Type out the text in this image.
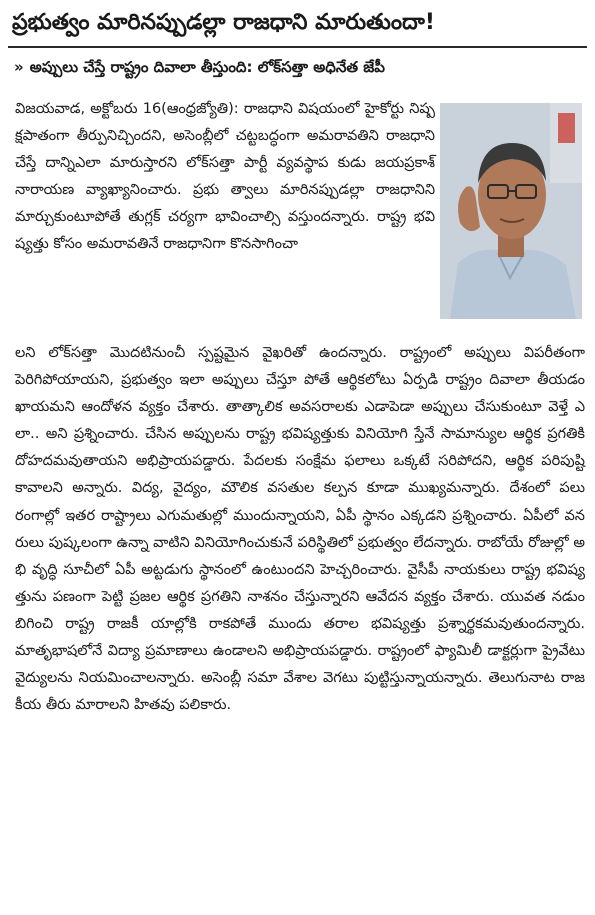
ప్రభుత్వం మారినప్పుడల్లా రాజధాని మారుతుందా!
» అప్పులు చేస్తే రాష్ట్రం దివాలా తీస్తుంది: లోక్‌సత్తా అధినేత జేపీ
విజయవాడ, అక్టోబరు 16(ఆంధ్రజ్యోతి): రాజధాని విషయంలో హైకోర్టు నిష్పక్షపాతంగా తీర్పునిచ్చిందని, అసెంబ్లీలో చట్టబద్ధంగా అమరావతిని రాజధాని చేస్తే దాన్నిఎలా మారుస్తారని లోక్‌సత్తా పార్టీ వ్యవస్థాప కుడు జయప్రకాశ్ నారాయణ వ్యాఖ్యానించారు. ప్రభు త్వాలు మారినప్పుడల్లా రాజధానిని మార్చుకుంటూపోతే తుగ్లక్ చర్యగా భావించాల్సి వస్తుందన్నారు. రాష్ట్ర భవి ష్యత్తు కోసం అమరావతినే రాజధానిగా కొనసాగించా
లని లోక్‌సత్తా మొదటినుంచీ స్పష్టమైన వైఖరితో ఉందన్నారు. రాష్ట్రంలో అప్పులు విపరీతంగా పెరిగిపోయాయని, ప్రభుత్వం ఇలా అప్పులు చేస్తూ పోతే ఆర్థికలోటు ఏర్పడి రాష్ట్రం దివాలా తీయడం ఖాయమని ఆందోళన వ్యక్తం చేశారు. తాత్కాలిక అవసరాలకు ఎడాపెడా అప్పులు చేసుకుంటూ వెళ్తే ఎలా.. అని ప్రశ్నించారు. చేసిన అప్పులను రాష్ట్ర భవిష్యత్తుకు వినియోగి స్తేనే సామాన్యుల ఆర్థిక ప్రగతికి దోహదమవుతాయని అభిప్రాయపడ్డారు. పేదలకు సంక్షేమ ఫలాలు ఒక్కటే సరిపోదని, ఆర్థిక పరిపుష్టి కావాలని అన్నారు. విద్య, వైద్యం, మౌలిక వసతుల కల్పన కూడా ముఖ్యమన్నారు. దేశంలో పలు రంగాల్లో ఇతర రాష్ట్రాలు ఎగుమతుల్లో ముందున్నాయని, ఏపీ స్థానం ఎక్కడని ప్రశ్నించారు. ఏపీలో వనరులు పుష్కలంగా ఉన్నా వాటిని వినియోగించుకునే పరిస్థితిలో ప్రభుత్వం లేదన్నారు. రాబోయే రోజుల్లో అభి వృద్ధి సూచీలో ఏపీ అట్టడుగు స్థానంలో ఉంటుందని హెచ్చరించారు. వైసీపీ నాయకులు రాష్ట్ర భవిష్యత్తును పణంగా పెట్టి ప్రజల ఆర్థిక ప్రగతిని నాశనం చేస్తున్నారని ఆవేదన వ్యక్తం చేశారు. యువత నడుం బిగించి రాష్ట్ర రాజకీ యాల్లోకి రాకపోతే ముందు తరాల భవిష్యత్తు ప్రశ్నార్థకమవుతుందన్నారు. మాతృభాషలోనే విద్యా ప్రమాణాలు ఉండాలని అభిప్రాయపడ్డారు. రాష్ట్రంలో ఫ్యామిలీ డాక్టర్లుగా ప్రైవేటు వైద్యులను నియమించాలన్నారు. అసెంబ్లీ సమా వేశాల వెగటు పుట్టిస్తున్నాయన్నారు. తెలుగునాట రాజకీయ తీరు మారాలని హితవు పలికారు.
